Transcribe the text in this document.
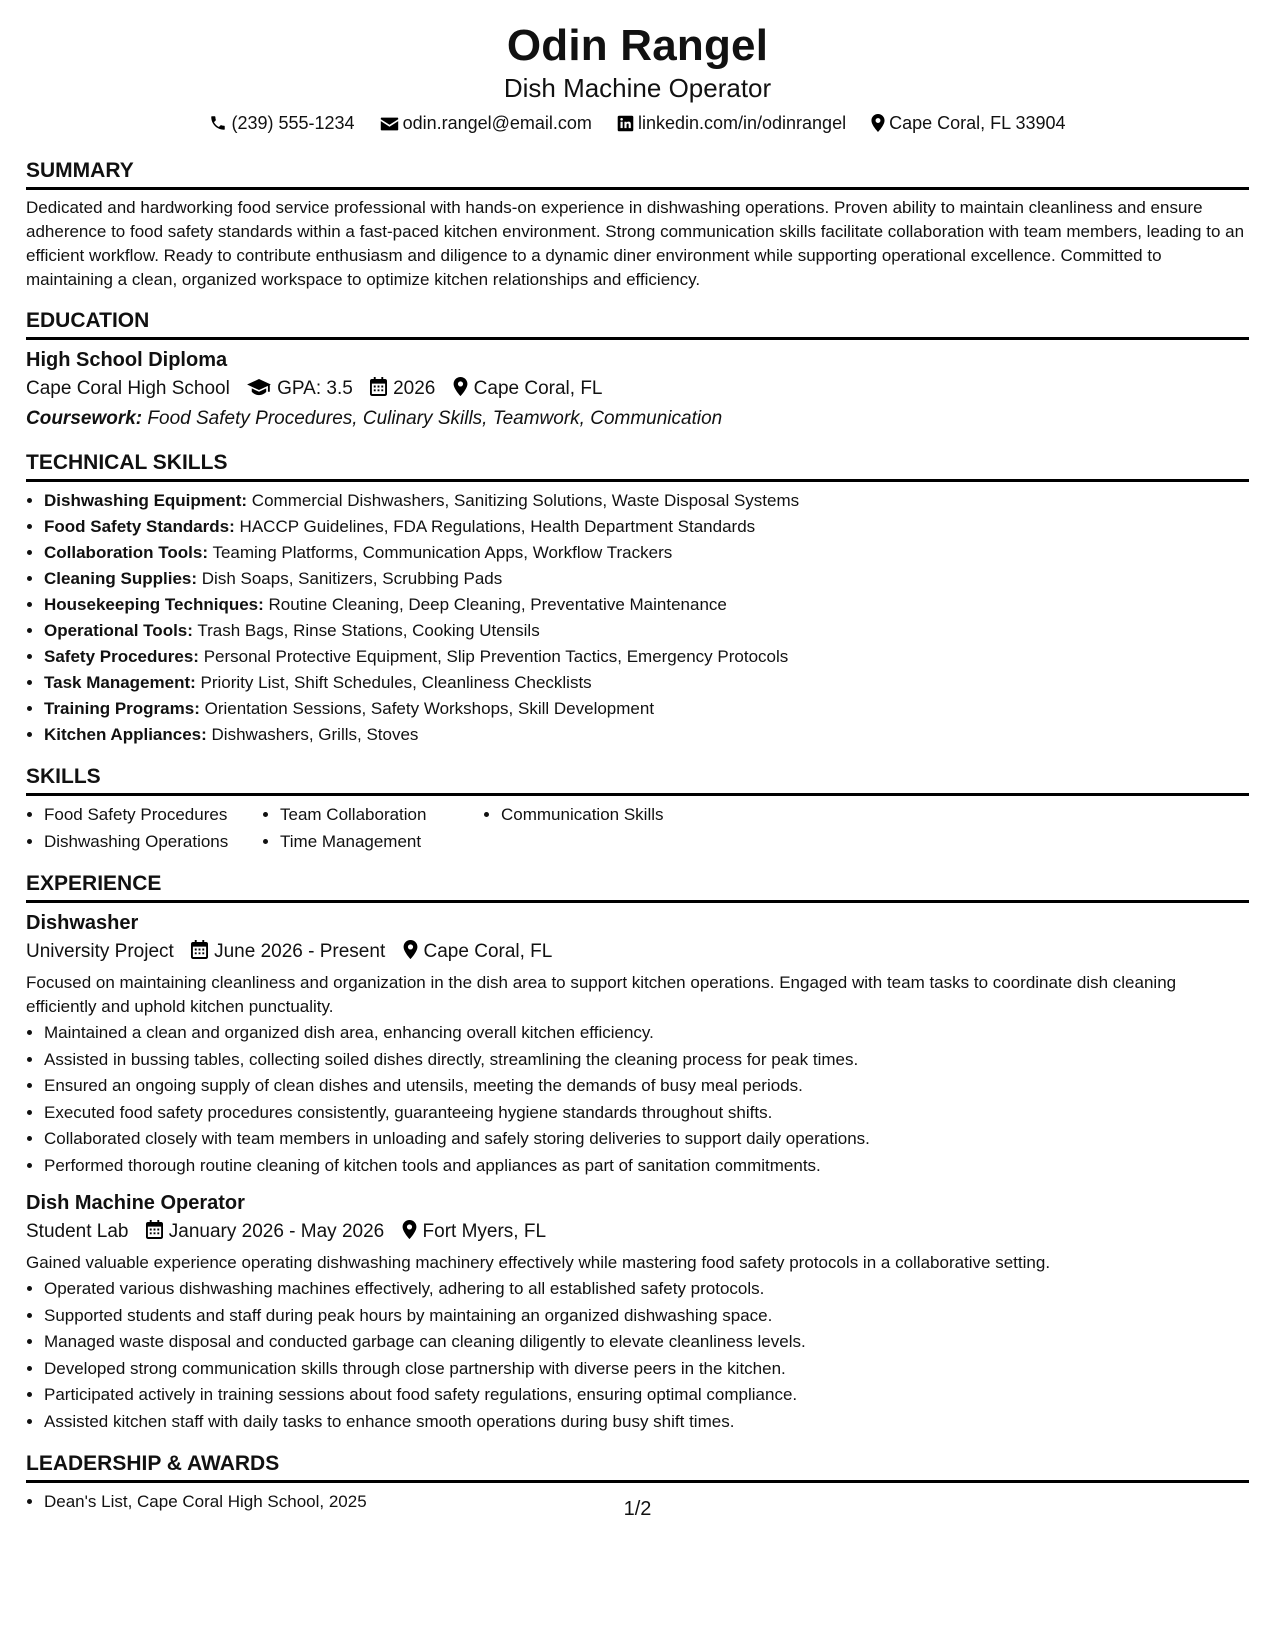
Odin Rangel
Dish Machine Operator
(239) 555-1234	odin.rangel@email.com	linkedin.com/in/odinrangel Cape Coral, FL 33904
SUMMARY

Dedicated and hardworking food service professional with hands-on experience in dishwashing operations. Proven ability to maintain cleanliness and ensure adherence to food safety standards within a fast-paced kitchen environment. Strong communication skills facilitate collaboration with team members, leading to an efficient workflow. Ready to contribute enthusiasm and diligence to a dynamic diner environment while supporting operational excellence. Committed to maintaining a clean, organized workspace to optimize kitchen relationships and efficiency.

EDUCATION
High School Diploma
Cape Coral High School GPA: 3.5 2026 Cape Coral, FL
Coursework: Food Safety Procedures, Culinary Skills, Teamwork, Communication
TECHNICAL SKILLS
• Dishwashing Equipment: Commercial Dishwashers, Sanitizing Solutions, Waste Disposal Systems
• Food Safety Standards: HACCP Guidelines, FDA Regulations, Health Department Standards
• Collaboration Tools: Teaming Platforms, Communication Apps, Workflow Trackers
• Cleaning Supplies: Dish Soaps, Sanitizers, Scrubbing Pads
• Housekeeping Techniques: Routine Cleaning, Deep Cleaning, Preventative Maintenance
• Operational Tools: Trash Bags, Rinse Stations, Cooking Utensils
• Safety Procedures: Personal Protective Equipment, Slip Prevention Tactics, Emergency Protocols
• Task Management: Priority List, Shift Schedules, Cleanliness Checklists
• Training Programs: Orientation Sessions, Safety Workshops, Skill Development
• Kitchen Appliances: Dishwashers, Grills, Stoves
SKILLS
Food Safety Procedures	Team Collaboration	Communication Skills
Dishwashing Operations	Time Management
EXPERIENCE
Dishwasher
University Project June 2026 - Present Cape Coral, FL

Focused on maintaining cleanliness and organization in the dish area to support kitchen operations. Engaged with team tasks to coordinate dish cleaning efficiently and uphold kitchen punctuality.

• Maintained a clean and organized dish area, enhancing overall kitchen efficiency.
• Assisted in bussing tables, collecting soiled dishes directly, streamlining the cleaning process for peak times.
• Ensured an ongoing supply of clean dishes and utensils, meeting the demands of busy meal periods.
• Executed food safety procedures consistently, guaranteeing hygiene standards throughout shifts.
• Collaborated closely with team members in unloading and safely storing deliveries to support daily operations.
• Performed thorough routine cleaning of kitchen tools and appliances as part of sanitation commitments.
Dish Machine Operator
Student Lab January 2026 - May 2026 Fort Myers, FL

Gained valuable experience operating dishwashing machinery effectively while mastering food safety protocols in a collaborative setting.

• Operated various dishwashing machines effectively, adhering to all established safety protocols.
• Supported students and staff during peak hours by maintaining an organized dishwashing space.
• Managed waste disposal and conducted garbage can cleaning diligently to elevate cleanliness levels.
• Developed strong communication skills through close partnership with diverse peers in the kitchen.
• Participated actively in training sessions about food safety regulations, ensuring optimal compliance.
• Assisted kitchen staff with daily tasks to enhance smooth operations during busy shift times.
LEADERSHIP & AWARDS
• Dean's List, Cape Coral High School, 2025	1/2
